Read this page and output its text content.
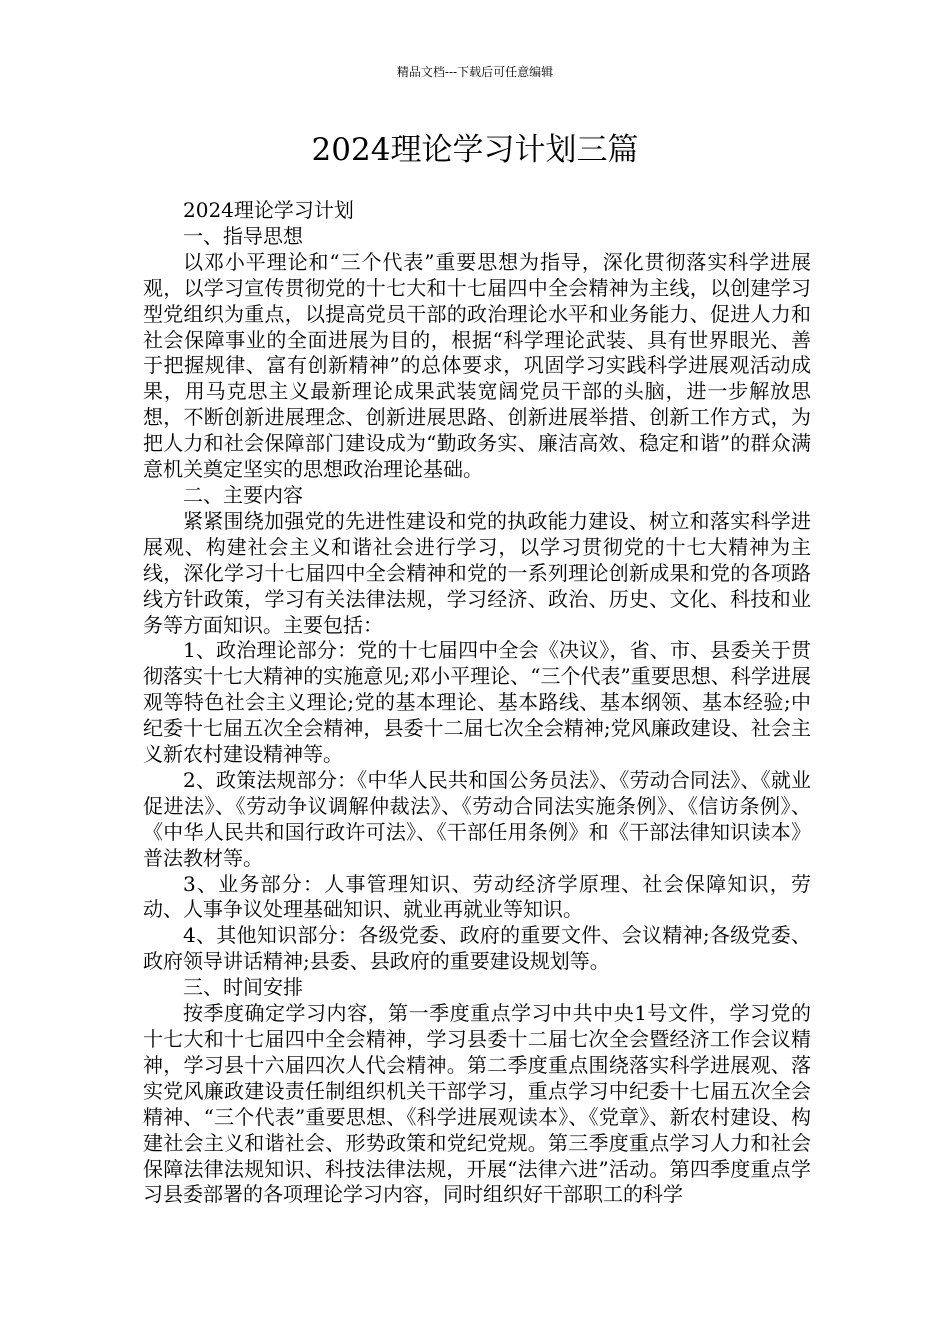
精品文档---下载后可任意编辑
2024理论学习计划三篇

2024理论学习计划

一、指导思想

以邓小平理论和“三个代表”重要思想为指导，深化贯彻落实科学进展观，以学习宣传贯彻党的十七大和十七届四中全会精神为主线，以创建学习型党组织为重点，以提高党员干部的政治理论水平和业务能力、促进人力和社会保障事业的全面进展为目的，根据“科学理论武装、具有世界眼光、善于把握规律、富有创新精神”的总体要求，巩固学习实践科学进展观活动成果，用马克思主义最新理论成果武装宽阔党员干部的头脑，进一步解放思想，不断创新进展理念、创新进展思路、创新进展举措、创新工作方式，为把人力和社会保障部门建设成为“勤政务实、廉洁高效、稳定和谐”的群众满意机关奠定坚实的思想政治理论基础。

二、主要内容

紧紧围绕加强党的先进性建设和党的执政能力建设、树立和落实科学进展观、构建社会主义和谐社会进行学习，以学习贯彻党的十七大精神为主线，深化学习十七届四中全会精神和党的一系列理论创新成果和党的各项路线方针政策，学习有关法律法规，学习经济、政治、历史、文化、科技和业务等方面知识。主要包括：

1、政治理论部分：党的十七届四中全会《决议》，省、市、县委关于贯彻落实十七大精神的实施意见;邓小平理论、“三个代表”重要思想、科学进展观等特色社会主义理论;党的基本理论、基本路线、基本纲领、基本经验;中纪委十七届五次全会精神，县委十二届七次全会精神;党风廉政建设、社会主义新农村建设精神等。

2、政策法规部分：《中华人民共和国公务员法》、《劳动合同法》、《就业促进法》、《劳动争议调解仲裁法》、《劳动合同法实施条例》、《信访条例》、《中华人民共和国行政许可法》、《干部任用条例》和《干部法律知识读本》普法教材等。

3、业务部分：人事管理知识、劳动经济学原理、社会保障知识，劳动、人事争议处理基础知识、就业再就业等知识。

4、其他知识部分：各级党委、政府的重要文件、会议精神;各级党委、政府领导讲话精神;县委、县政府的重要建设规划等。

三、时间安排

按季度确定学习内容，第一季度重点学习中共中央1号文件，学习党的十七大和十七届四中全会精神，学习县委十二届七次全会暨经济工作会议精神，学习县十六届四次人代会精神。第二季度重点围绕落实科学进展观、落实党风廉政建设责任制组织机关干部学习，重点学习中纪委十七届五次全会精神、“三个代表”重要思想、《科学进展观读本》、《党章》、新农村建设、构建社会主义和谐社会、形势政策和党纪党规。第三季度重点学习人力和社会保障法律法规知识、科技法律法规，开展“法律六进”活动。第四季度重点学习县委部署的各项理论学习内容，同时组织好干部职工的科学
